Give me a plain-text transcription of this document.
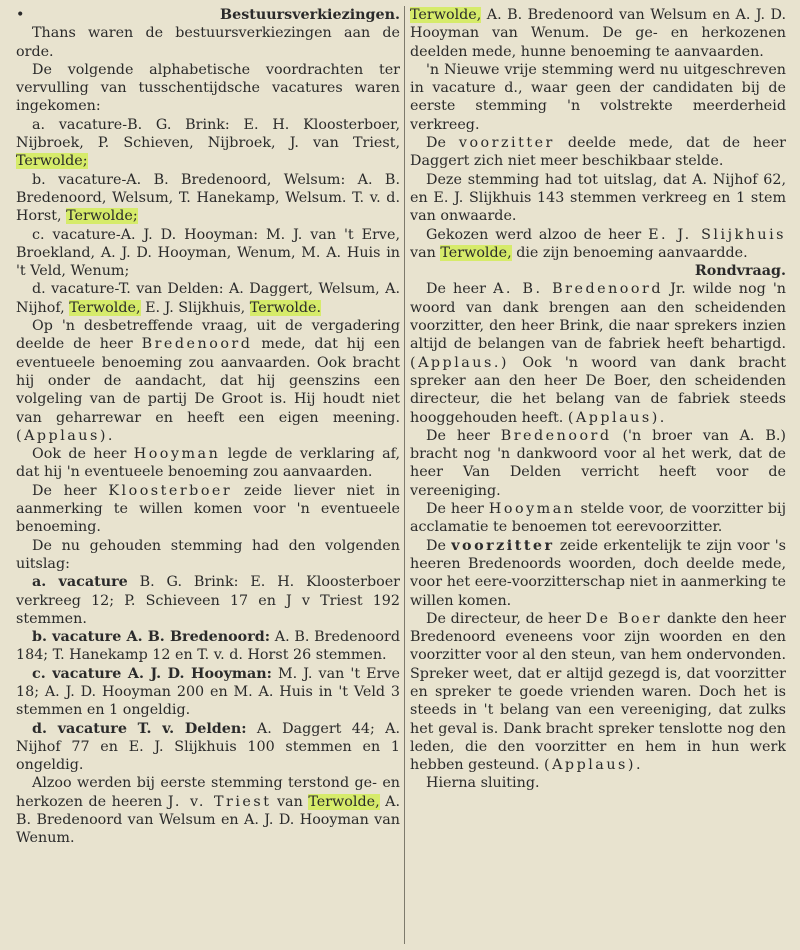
•	Bestuursverkiezingen.

Thans waren de bestuursverkiezingen aan de orde.

De volgende alphabetische voordrachten ter vervulling van tusschentijdsche vacatures waren ingekomen:

a. vacature-B. G. Brink: E. H. Kloosterboer, Nijbroek, P. Schieven, Nijbroek, J. van Triest, Terwolde;

b. vacature-A. B. Bredenoord, Welsum: A. B. Bredenoord, Welsum, T. Hanekamp, Welsum. T. v. d. Horst, Terwolde;

c. vacature-A. J. D. Hooyman: M. J. van 't Erve, Broekland, A. J. D. Hooyman, Wenum, M. A. Huis in 't Veld, Wenum;

d. vacature-T. van Delden: A. Daggert, Welsum, A. Nijhof, Terwolde, E. J. Slijkhuis, Terwolde.

Op 'n desbetreffende vraag, uit de vergadering deelde de heer Bredenoord mede, dat hij een eventueele benoeming zou aanvaarden. Ook bracht hij onder de aandacht, dat hij geenszins een volgeling van de partij De Groot is. Hij houdt niet van geharrewar en heeft een eigen meening. (Applaus).

Ook de heer Hooyman legde de verklaring af, dat hij 'n eventueele benoeming zou aanvaarden.

De heer Kloosterboer zeide liever niet in aanmerking te willen komen voor 'n eventueele benoeming.

De nu gehouden stemming had den volgenden uitslag:

a. vacature B. G. Brink: E. H. Kloosterboer verkreeg 12; P. Schieveen 17 en J v Triest 192 stemmen.

b. vacature A. B. Bredenoord: A. B. Bredenoord 184; T. Hanekamp 12 en T. v. d. Horst 26 stemmen.

c. vacature A. J. D. Hooyman: M. J. van 't Erve 18; A. J. D. Hooyman 200 en M. A. Huis in 't Veld 3 stemmen en 1 ongeldig.

d. vacature T. v. Delden: A. Daggert 44; A. Nijhof 77 en E. J. Slijkhuis 100 stemmen en 1 ongeldig.

Alzoo werden bij eerste stemming terstond ge- en herkozen de heeren J. v. Triest van Terwolde, A. B. Bredenoord van Welsum en A. J. D. Hooyman van Wenum.

Terwolde, A. B. Bredenoord van Welsum en A. J. D. Hooyman van Wenum. De ge- en herkozenen deelden mede, hunne benoeming te aanvaarden.

'n Nieuwe vrije stemming werd nu uitgeschreven in vacature d., waar geen der candidaten bij de eerste stemming 'n volstrekte meerderheid verkreeg.

De voorzitter deelde mede, dat de heer Daggert zich niet meer beschikbaar stelde.

Deze stemming had tot uitslag, dat A. Nijhof 62, en E. J. Slijkhuis 143 stemmen verkreeg en 1 stem van onwaarde.

Gekozen werd alzoo de heer E. J. Slijkhuis van Terwolde, die zijn benoeming aanvaardde.

Rondvraag.

De heer A. B. Bredenoord Jr. wilde nog 'n woord van dank brengen aan den scheidenden voorzitter, den heer Brink, die naar sprekers inzien altijd de belangen van de fabriek heeft behartigd. (Applaus.) Ook 'n woord van dank bracht spreker aan den heer De Boer, den scheidenden directeur, die het belang van de fabriek steeds hooggehouden heeft. (Applaus).

De heer Bredenoord ('n broer van A. B.) bracht nog 'n dankwoord voor al het werk, dat de heer Van Delden verricht heeft voor de vereeniging.

De heer Hooyman stelde voor, de voorzitter bij acclamatie te benoemen tot eerevoorzitter.

De voorzitter zeide erkentelijk te zijn voor 's heeren Bredenoords woorden, doch deelde mede, voor het eere-voorzitterschap niet in aanmerking te willen komen.

De directeur, de heer De Boer dankte den heer Bredenoord eveneens voor zijn woorden en den voorzitter voor al den steun, van hem ondervonden. Spreker weet, dat er altijd gezegd is, dat voorzitter en spreker te goede vrienden waren. Doch het is steeds in 't belang van een vereeniging, dat zulks het geval is. Dank bracht spreker tenslotte nog den leden, die den voorzitter en hem in hun werk hebben gesteund. (Applaus).

Hierna sluiting.
